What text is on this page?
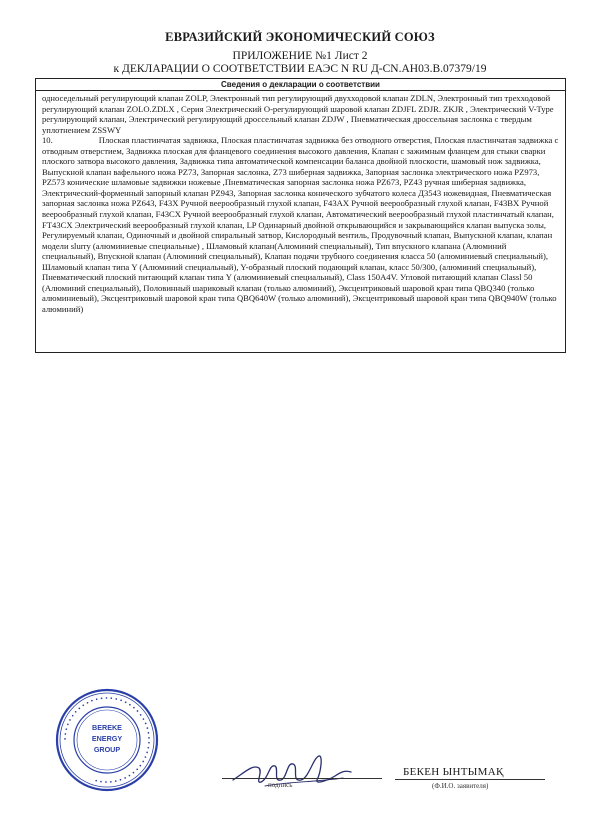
ЕВРАЗИЙСКИЙ ЭКОНОМИЧЕСКИЙ СОЮЗ
ПРИЛОЖЕНИЕ №1 Лист 2
к ДЕКЛАРАЦИИ О СООТВЕТСТВИИ ЕАЭС N RU Д-CN.АН03.В.07379/19
Сведения о декларации о соответствии

односедельный регулирующий клапан ZOLP, Электронный тип регулирующий двухходовой клапан ZDLN, Электронный тип трехходовой регулирующий клапан ZOLO.ZDLX , Серия Электрический O-регулирующий шаровой клапан ZDJFL ZDJR. ZKJR , Электрический V-Type регулирующий клапан, Электрический регулирующий дроссельный клапан ZDJW , Пневматическая дроссельная заслонка с твердым уплотнением ZSSWY

10.	Плоская пластинчатая задвижка, Плоская пластинчатая задвижка без отводного отверстия, Плоская пластинчатая задвижка с отводным отверстием, Задвижка плоская для фланцевого соединения высокого давления, Клапан с зажимным фланцем для стыки сварки плоского затвора высокого давления, Задвижка типа автоматической компенсации баланса двойной плоскости, шамовый нож задвижка, Выпускной клапан вафельного ножа PZ73, Запорная заслонка, Z73 шиберная задвижка, Запорная заслонка электрического ножа PZ973, PZ573 конические шламовые задвижки ножевые ,Пневматическая запорная заслонка ножа PZ673, PZ43 ручная шиберная задвижка, Электрический-форменный запорный клапан PZ943, Запорная заслонка конического зубчатого колеса Д3543 ножевидная, Пневматическая запорная заслонка ножа PZ643, F43X Ручной веерообразный глухой клапан, F43AX Ручной веерообразный глухой клапан, F43BX Ручной веерообразный глухой клапан, F43CX Ручной веерообразный глухой клапан, Автоматический веерообразный глухой пластинчатый клапан, FT43CX Электрический веерообразный глухой клапан, LP Одинарный двойной открывающийся и закрывающийся клапан выпуска золы, Регулируемый клапан, Одиночный и двойной спиральный затвор, Кислородный вентиль, Продувочный клапан, Выпускной клапан, клапан модели slurry (алюминиевые специальные) , Шламовый клапан(Алюминий специальный), Тип впускного клапана (Алюминий специальный), Впускной клапан (Алюминий специальный), Клапан подачи трубного соединения класса 50 (алюминиевый специальный), Шламовый клапан типа Y (Алюминий специальный), Y-образный плоский подающий клапан, класс 50/300, (алюминий специальный), Пневматический плоский питающий клапан типа Y (алюминиевый специальный), Class 150A4V. Угловой питающий клапан Classl 50 (Алюминий специальный), Половинный шариковый клапан (только алюминий), Эксцентриковый шаровой кран типа QBQ340 (только алюминиевый), Эксцентриковый шаровой кран типа QBQ640W (только алюминий), Эксцентриковый шаровой кран типа QBQ940W (только алюминий)

• • • • • • • • • • • • • • • • • • • • • • • • • • • • • • • • • • • • • • • • • • •
BEREKE
ENERGY
GROUP
подпись
БЕКЕН ЫНТЫМАҚ
(Ф.И.О. заявителя)
